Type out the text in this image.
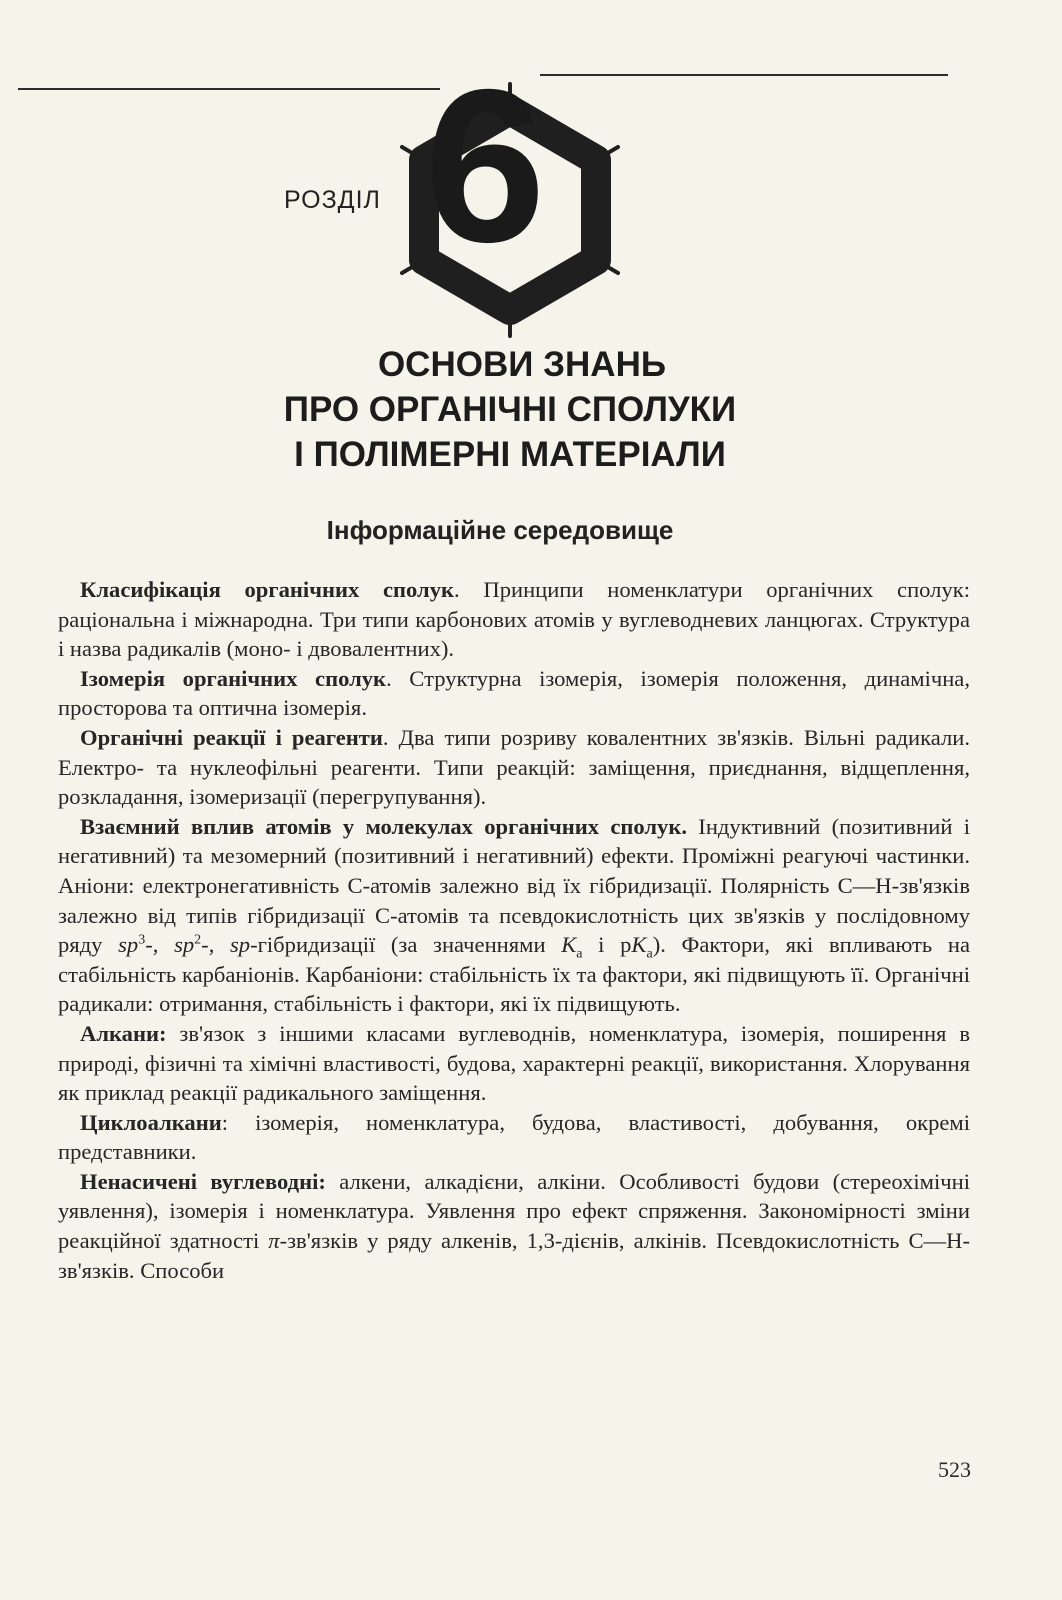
6
РОЗДІЛ
ОСНОВИ ЗНАНЬ
ПРО ОРГАНІЧНІ СПОЛУКИ
І ПОЛІМЕРНІ МАТЕРІАЛИ
Інформаційне середовище

Класифікація органічних сполук. Принципи номенклатури органічних сполук: раціональна і міжнародна. Три типи карбонових атомів у вуглеводневих ланцюгах. Структура і назва радикалів (моно- і двовалентних).

Ізомерія органічних сполук. Структурна ізомерія, ізомерія положення, динамічна, просторова та оптична ізомерія.

Органічні реакції і реагенти. Два типи розриву ковалентних зв'язків. Вільні радикали. Електро- та нуклеофільні реагенти. Типи реакцій: заміщення, приєднання, відщеплення, розкладання, ізомеризації (перегрупування).

Взаємний вплив атомів у молекулах органічних сполук. Індуктивний (позитивний і негативний) та мезомерний (позитивний і негативний) ефекти. Проміжні реагуючі частинки. Аніони: електронегативність С-атомів залежно від їх гібридизації. Полярність С—Н-зв'язків залежно від типів гібридизації С-атомів та псевдокислотність цих зв'язків у послідовному ряду $sp^3-$, $sp^2-$, sp-гібридизації (за значеннями $K_а$ і $pK_а$). Фактори, які впливають на стабільність карбаніонів. Карбаніони: стабільність їх та фактори, які підвищують її. Органічні радикали: отримання, стабільність і фактори, які їх підвищують.

Алкани: зв'язок з іншими класами вуглеводнів, номенклатура, ізомерія, поширення в природі, фізичні та хімічні властивості, будова, характерні реакції, використання. Хлорування як приклад реакції радикального заміщення.

Циклоалкани: ізомерія, номенклатура, будова, властивості, добування, окремі представники.

Ненасичені вуглеводні: алкени, алкадієни, алкіни. Особливості будови (стереохімічні уявлення), ізомерія і номенклатура. Уявлення про ефект спряження. Закономірності зміни реакційної здатності π-зв'язків у ряду алкенів, 1,3-дієнів, алкінів. Псевдокислотність С—Н-зв'язків. Способи

523
